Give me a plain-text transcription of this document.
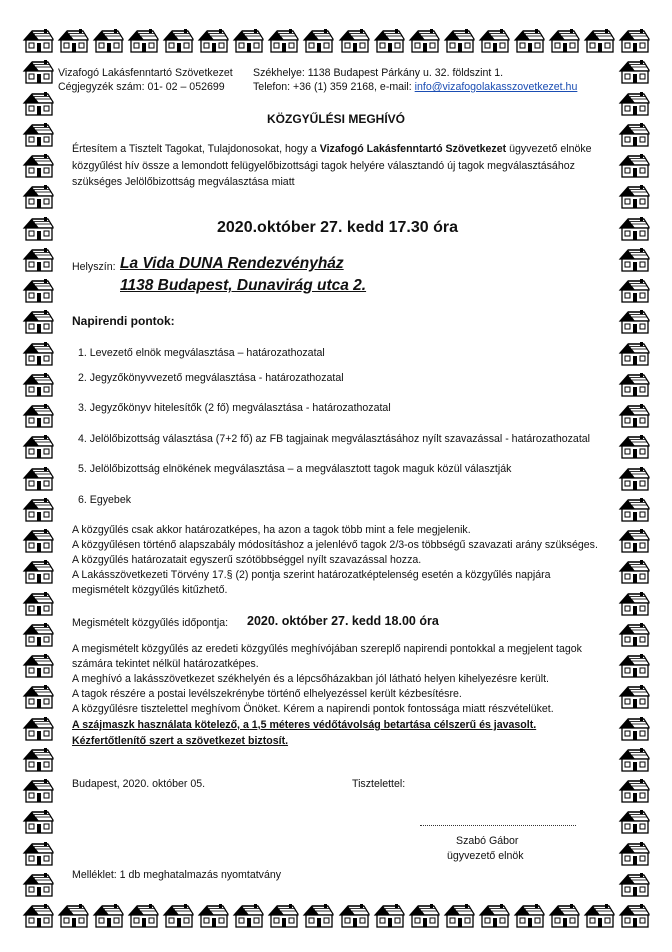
Vizafogó Lakásfenntartó Szövetkezet Székhelye: 1138 Budapest Párkány u. 32. földszint 1.
Cégjegyzék szám: 01- 02 – 052699	Telefon: +36 (1) 359 2168, e-mail: info@vizafogolakasszovetkezet.hu
KÖZGYŰLÉSI MEGHÍVÓ
Értesítem a Tisztelt Tagokat, Tulajdonosokat, hogy a Vizafogó Lakásfenntartó Szövetkezet ügyvezető elnöke
közgyűlést hív össze a lemondott felügyelőbizottsági tagok helyére választandó új tagok megválasztásához
szükséges Jelölőbizottság megválasztása miatt
2020.október 27. kedd 17.30 óra
Helyszín: La Vida DUNA Rendezvényház
1138 Budapest, Dunavirág utca 2.
Napirendi pontok:
1. Levezető elnök megválasztása – határozathozatal
2. Jegyzőkönyvvezető megválasztása - határozathozatal
3. Jegyzőkönyv hitelesítők (2 fő) megválasztása - határozathozatal
4. Jelölőbizottság választása (7+2 fő) az FB tagjainak megválasztásához nyílt szavazással - határozathozatal
5. Jelölőbizottság elnökének megválasztása – a megválasztott tagok maguk közül választják
6. Egyebek
A közgyűlés csak akkor határozatképes, ha azon a tagok több mint a fele megjelenik.
A közgyűlésen történő alapszabály módosításhoz a jelenlévő tagok 2/3-os többségű szavazati arány szükséges.
A közgyűlés határozatait egyszerű szótöbbséggel nyílt szavazással hozza.
A Lakásszövetkezeti Törvény 17.§ (2) pontja szerint határozatképtelenség esetén a közgyűlés napjára
megismételt közgyűlés kitűzhető.
Megismételt közgyűlés időpontja: 2020. október 27. kedd 18.00 óra
A megismételt közgyűlés az eredeti közgyűlés meghívójában szereplő napirendi pontokkal a megjelent tagok
számára tekintet nélkül határozatképes.
A meghívó a lakásszövetkezet székhelyén és a lépcsőházakban jól látható helyen kihelyezésre került.
A tagok részére a postai levélszekrénybe történő elhelyezéssel került kézbesítésre.
A közgyűlésre tisztelettel meghívom Önöket. Kérem a napirendi pontok fontossága miatt részvételüket.
A szájmaszk használata kötelező, a 1,5 méteres védőtávolság betartása célszerű és javasolt.
Kézfertőtlenítő szert a szövetkezet biztosít.
Budapest, 2020. október 05.	Tisztelettel:
Szabó Gábor
ügyvezető elnök
Melléklet: 1 db meghatalmazás nyomtatvány
